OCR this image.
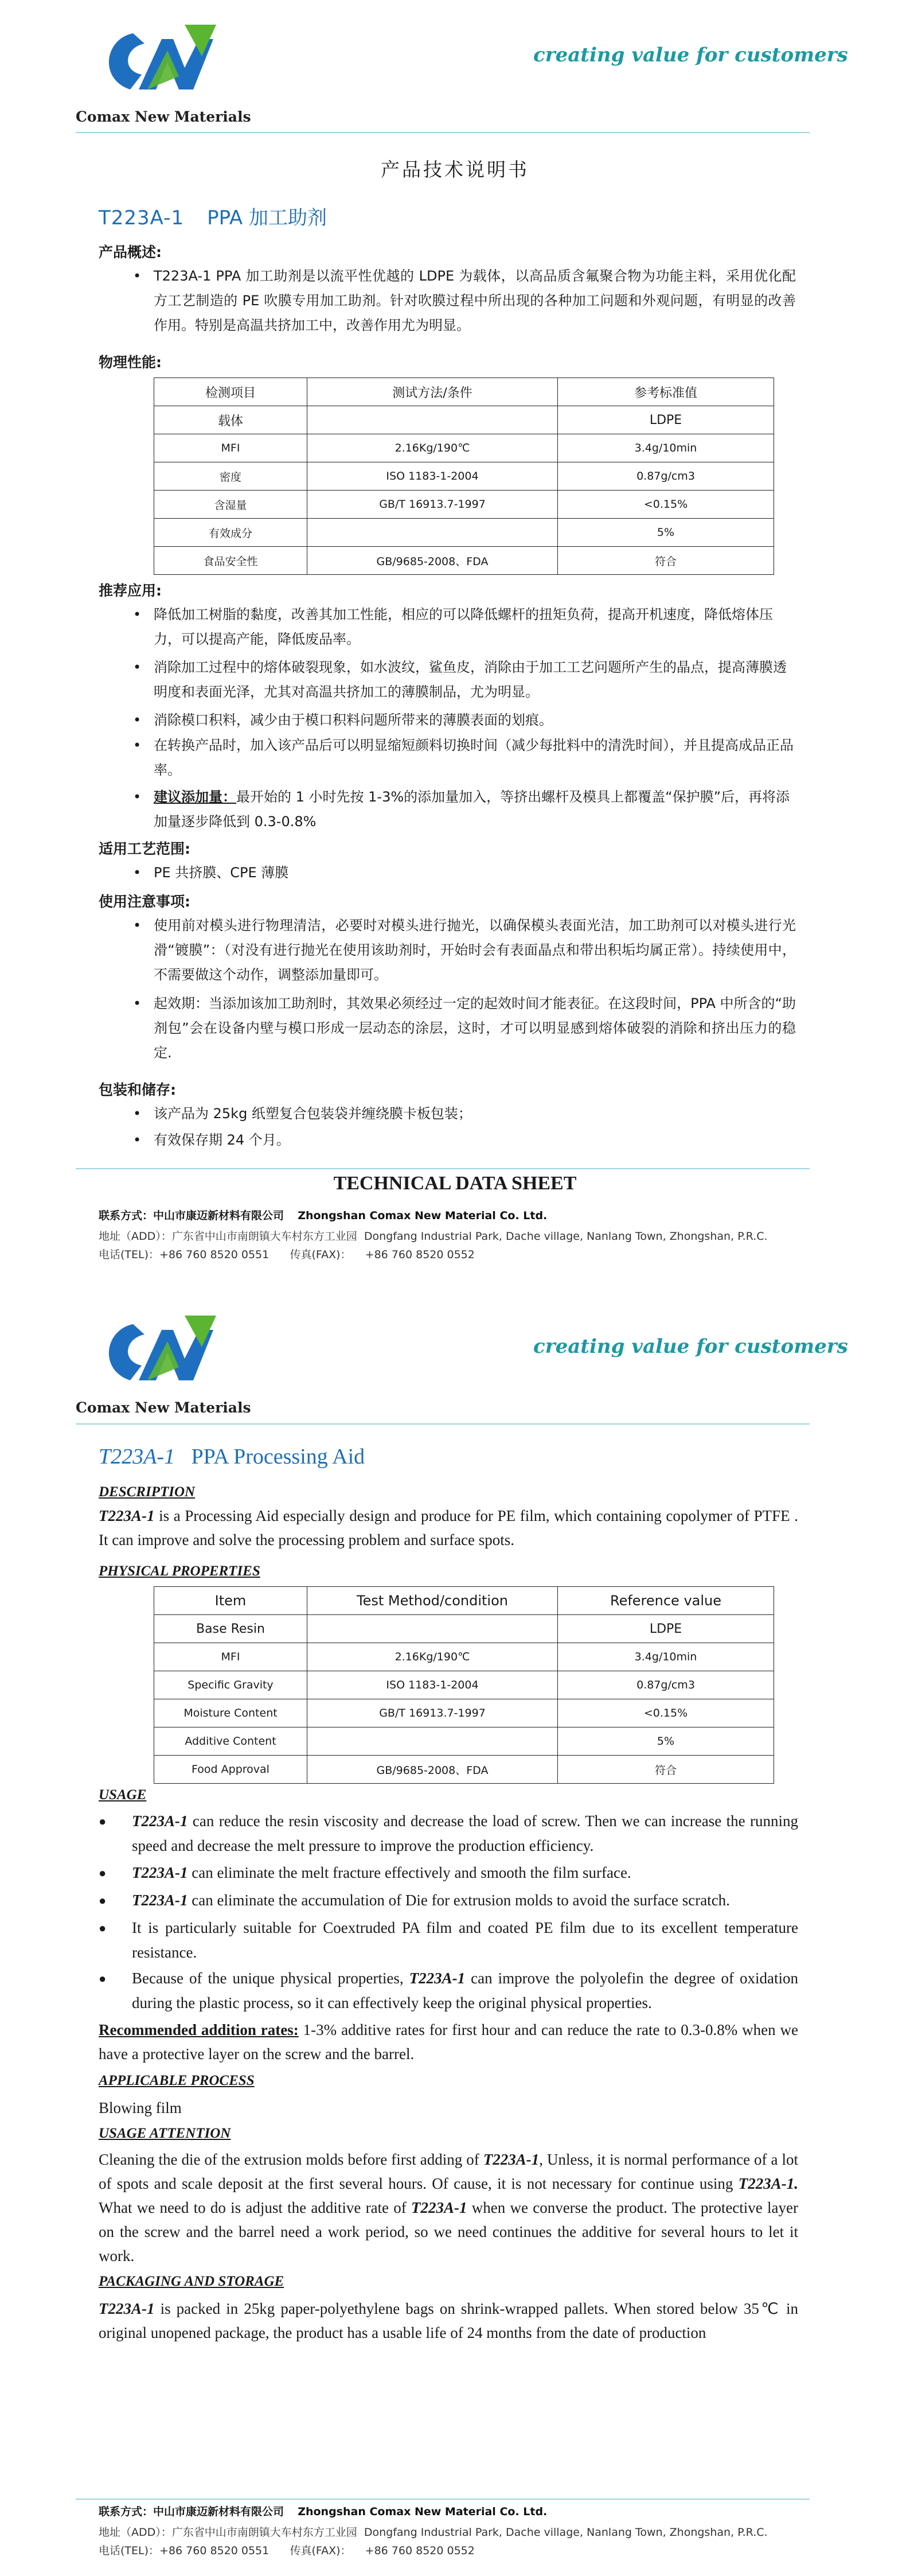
Comax New Materials
creating value for customers
产品技术说明书
T223A-1 PPA 加工助剂
产品概述:
• T223A-1 PPA 加工助剂是以流平性优越的 LDPE 为载体，以高品质含氟聚合物为功能主料，采用优化配方工艺制造的 PE 吹膜专用加工助剂。针对吹膜过程中所出现的各种加工问题和外观问题，有明显的改善作用。特别是高温共挤加工中，改善作用尤为明显。
物理性能:
检测项目	测试方法/条件	参考标准值
载体		LDPE
MFI	2.16Kg/190℃	3.4g/10min
密度	ISO 1183-1-2004	0.87g/cm3
含湿量	GB/T 16913.7-1997	<0.15%
有效成分		5%
食品安全性	GB/9685-2008、FDA	符合
推荐应用:
• 降低加工树脂的黏度，改善其加工性能，相应的可以降低螺杆的扭矩负荷，提高开机速度，降低熔体压力，可以提高产能，降低废品率。
• 消除加工过程中的熔体破裂现象，如水波纹，鲨鱼皮，消除由于加工工艺问题所产生的晶点，提高薄膜透明度和表面光泽，尤其对高温共挤加工的薄膜制品，尤为明显。
• 消除模口积料，减少由于模口积料问题所带来的薄膜表面的划痕。
• 在转换产品时，加入该产品后可以明显缩短颜料切换时间（减少每批料中的清洗时间），并且提高成品正品率。
• 建议添加量：最开始的 1 小时先按 1-3%的添加量加入，等挤出螺杆及模具上都覆盖“保护膜”后，再将添加量逐步降低到 0.3-0.8%
适用工艺范围:
• PE 共挤膜、CPE 薄膜
使用注意事项:
• 使用前对模头进行物理清洁，必要时对模头进行抛光，以确保模头表面光洁，加工助剂可以对模头进行光滑“镀膜”：（对没有进行抛光在使用该助剂时，开始时会有表面晶点和带出积垢均属正常）。持续使用中，不需要做这个动作，调整添加量即可。
• 起效期：当添加该加工助剂时，其效果必须经过一定的起效时间才能表征。在这段时间，PPA 中所含的“助剂包”会在设备内壁与模口形成一层动态的涂层，这时，才可以明显感到熔体破裂的消除和挤出压力的稳定.
包装和储存:
• 该产品为 25kg 纸塑复合包装袋并缠绕膜卡板包装；
• 有效保存期 24 个月。
TECHNICAL DATA SHEET
联系方式：中山市康迈新材料有限公司 Zhongshan Comax New Material Co. Ltd.
地址（ADD）：广东省中山市南朗镇大车村东方工业园 Dongfang Industrial Park, Dache village, Nanlang Town, Zhongshan, P.R.C.
电话(TEL)：+86 760 8520 0551 传真(FAX)： +86 760 8520 0552
Comax New Materials
creating value for customers
T223A-1 PPA Processing Aid
DESCRIPTION
T223A-1 is a Processing Aid especially design and produce for PE film, which containing copolymer of PTFE . It can improve and solve the processing problem and surface spots.
PHYSICAL PROPERTIES
Item	Test Method/condition	Reference value
Base Resin		LDPE
MFI	2.16Kg/190℃	3.4g/10min
Specific Gravity	ISO 1183-1-2004	0.87g/cm3
Moisture Content	GB/T 16913.7-1997	<0.15%
Additive Content		5%
Food Approval	GB/9685-2008、FDA	符合
USAGE
● T223A-1 can reduce the resin viscosity and decrease the load of screw. Then we can increase the running speed and decrease the melt pressure to improve the production efficiency.
● T223A-1 can eliminate the melt fracture effectively and smooth the film surface.
● T223A-1 can eliminate the accumulation of Die for extrusion molds to avoid the surface scratch.
● It is particularly suitable for Coextruded PA film and coated PE film due to its excellent temperature resistance.
● Because of the unique physical properties, T223A-1 can improve the polyolefin the degree of oxidation during the plastic process, so it can effectively keep the original physical properties.
Recommended addition rates: 1-3% additive rates for first hour and can reduce the rate to 0.3-0.8% when we have a protective layer on the screw and the barrel.
APPLICABLE PROCESS
Blowing film
USAGE ATTENTION
Cleaning the die of the extrusion molds before first adding of T223A-1, Unless, it is normal performance of a lot of spots and scale deposit at the first several hours. Of cause, it is not necessary for continue using T223A-1. What we need to do is adjust the additive rate of T223A-1 when we converse the product. The protective layer on the screw and the barrel need a work period, so we need continues the additive for several hours to let it work.
PACKAGING AND STORAGE
T223A-1 is packed in 25kg paper-polyethylene bags on shrink-wrapped pallets. When stored below 35℃ in original unopened package, the product has a usable life of 24 months from the date of production
联系方式：中山市康迈新材料有限公司 Zhongshan Comax New Material Co. Ltd.
地址（ADD）：广东省中山市南朗镇大车村东方工业园 Dongfang Industrial Park, Dache village, Nanlang Town, Zhongshan, P.R.C.
电话(TEL)：+86 760 8520 0551 传真(FAX)： +86 760 8520 0552
